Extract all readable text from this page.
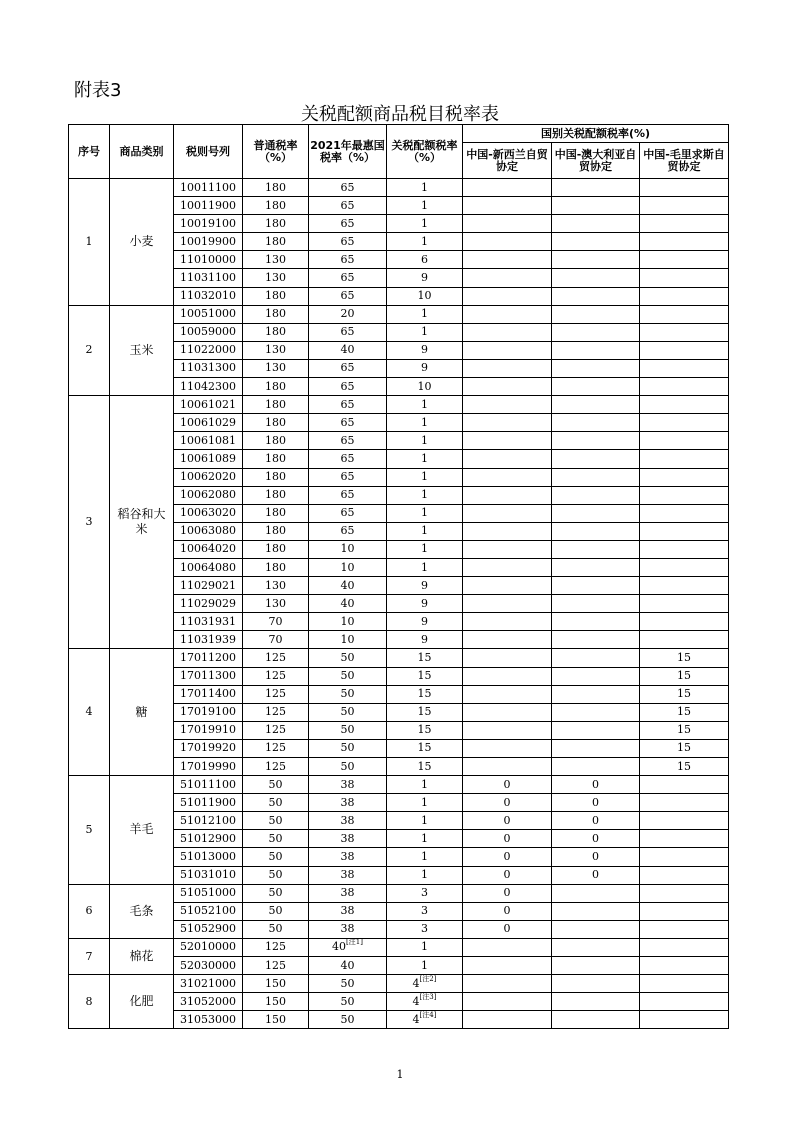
附表3
关税配额商品税目税率表
序号	商品类别	税则号列	普通税率（%）	2021年最惠国税率（%）	关税配额税率（%）	国别关税配额税率(%)		
						中国-新西兰自贸协定	中国-澳大利亚自贸协定	中国-毛里求斯自贸协定
1	小麦	10011100	180	65	1			
		10011900	180	65	1			
		10019100	180	65	1			
		10019900	180	65	1			
		11010000	130	65	6			
		11031100	130	65	9			
		11032010	180	65	10			
2	玉米	10051000	180	20	1			
		10059000	180	65	1			
		11022000	130	40	9			
		11031300	130	65	9			
		11042300	180	65	10			
3	稻谷和大米	10061021	180	65	1			
		10061029	180	65	1			
		10061081	180	65	1			
		10061089	180	65	1			
		10062020	180	65	1			
		10062080	180	65	1			
		10063020	180	65	1			
		10063080	180	65	1			
		10064020	180	10	1			
		10064080	180	10	1			
		11029021	130	40	9			
		11029029	130	40	9			
		11031931	70	10	9			
		11031939	70	10	9			
4	糖	17011200	125	50	15			15
		17011300	125	50	15			15
		17011400	125	50	15			15
		17019100	125	50	15			15
		17019910	125	50	15			15
		17019920	125	50	15			15
		17019990	125	50	15			15
5	羊毛	51011100	50	38	1	0	0	
		51011900	50	38	1	0	0	
		51012100	50	38	1	0	0	
		51012900	50	38	1	0	0	
		51013000	50	38	1	0	0	
		51031010	50	38	1	0	0	
6	毛条	51051000	50	38	3	0		
		51052100	50	38	3	0		
		51052900	50	38	3	0		
7	棉花	52010000	125	40[注1]	1			
		52030000	125	40	1			
8	化肥	31021000	150	50	4[注2]			
		31052000	150	50	4[注3]			
		31053000	150	50	4[注4]			
1
